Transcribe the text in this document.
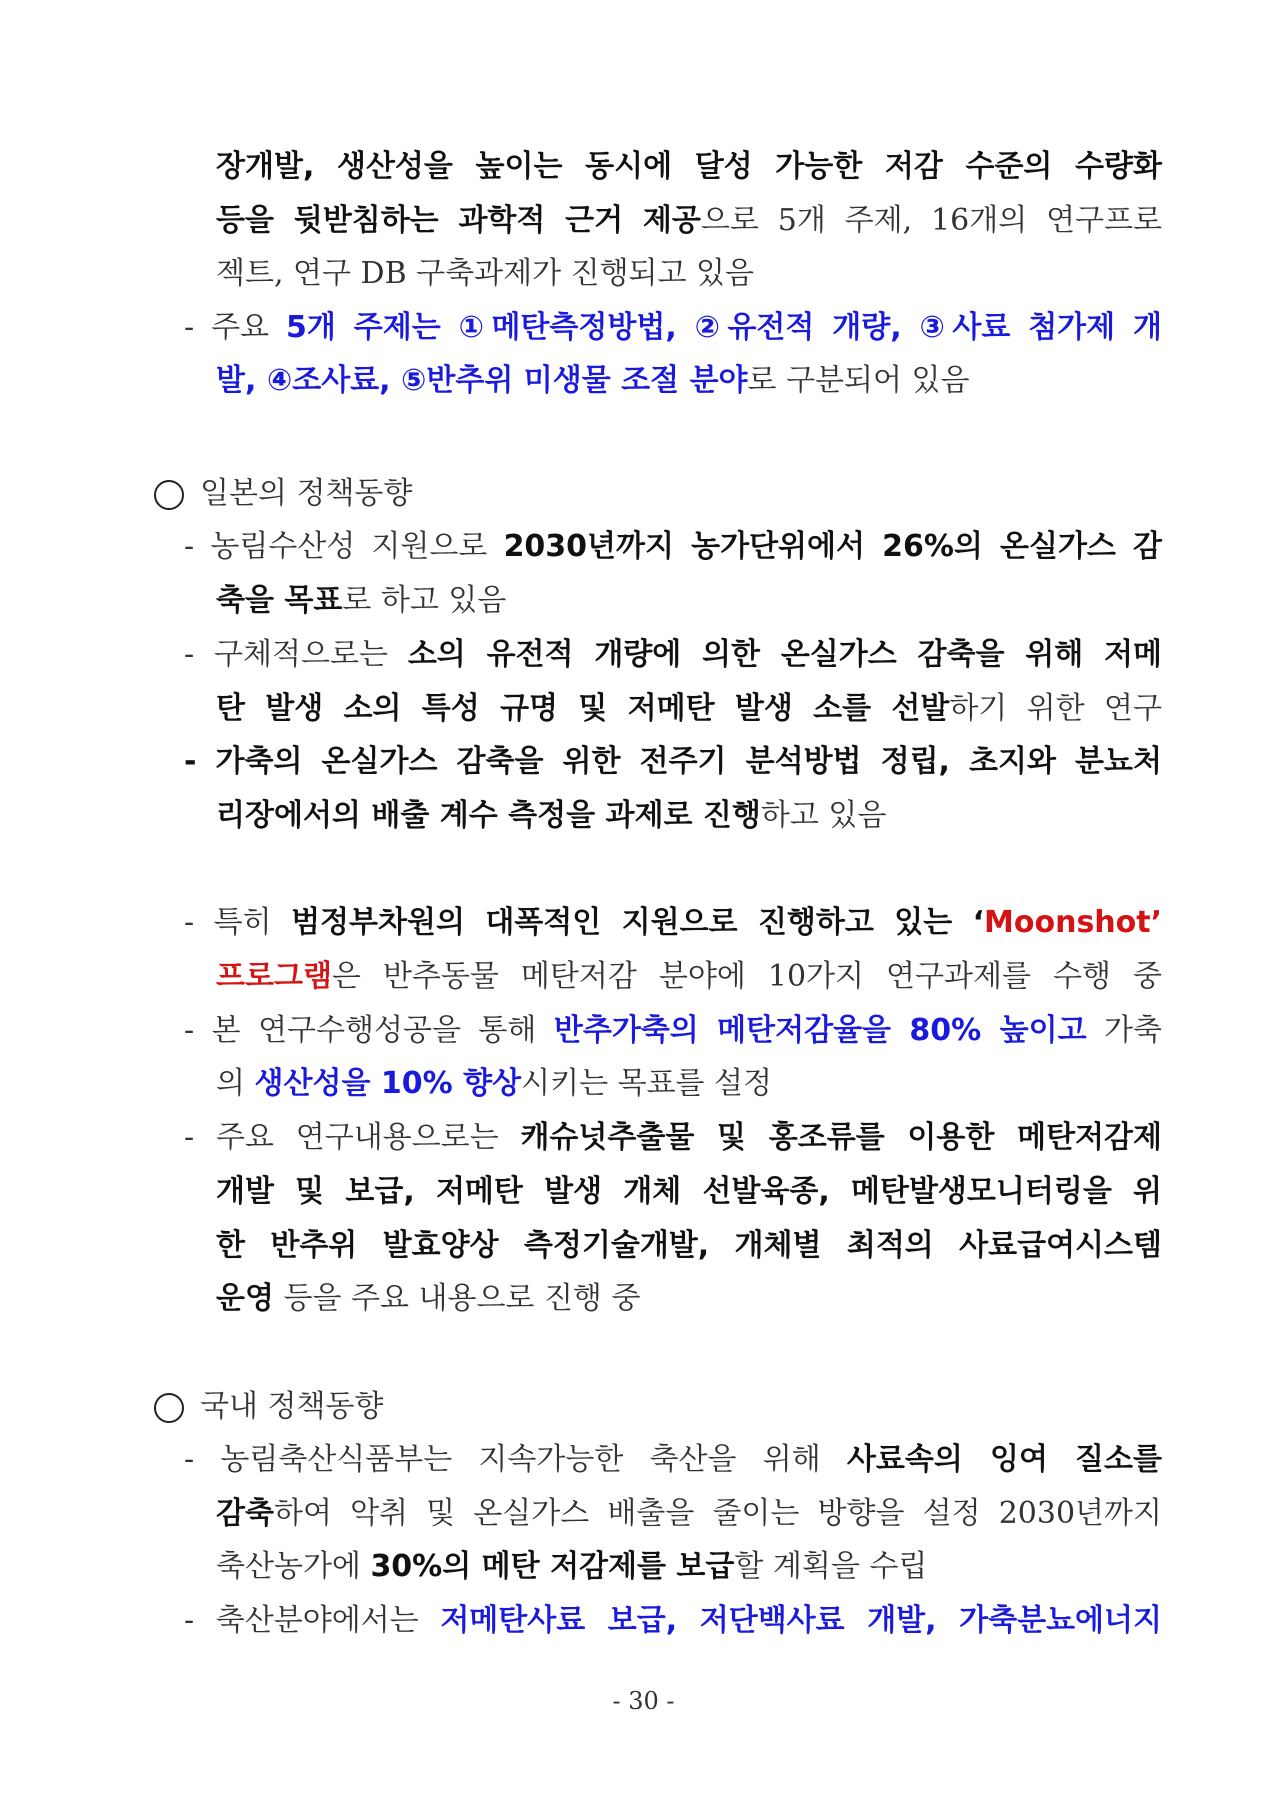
장개발, 생산성을 높이는 동시에 달성 가능한 저감 수준의 수량화
등을 뒷받침하는 과학적 근거 제공으로 5개 주제, 16개의 연구프로
젝트, 연구 DB 구축과제가 진행되고 있음
- 주요 5개 주제는 ①메탄측정방법, ②유전적 개량, ③사료 첨가제 개
발, ④조사료, ⑤반추위 미생물 조절 분야로 구분되어 있음
일본의 정책동향
- 농림수산성 지원으로 2030년까지 농가단위에서 26%의 온실가스 감
축을 목표로 하고 있음
- 구체적으로는 소의 유전적 개량에 의한 온실가스 감축을 위해 저메
탄 발생 소의 특성 규명 및 저메탄 발생 소를 선발하기 위한 연구
- 가축의 온실가스 감축을 위한 전주기 분석방법 정립, 초지와 분뇨처
리장에서의 배출 계수 측정을 과제로 진행하고 있음
- 특히 범정부차원의 대폭적인 지원으로 진행하고 있는 ‘Moonshot’
프로그램은 반추동물 메탄저감 분야에 10가지 연구과제를 수행 중
- 본 연구수행성공을 통해 반추가축의 메탄저감율을 80% 높이고 가축
의 생산성을 10% 향상시키는 목표를 설정
- 주요 연구내용으로는 캐슈넛추출물 및 홍조류를 이용한 메탄저감제
개발 및 보급, 저메탄 발생 개체 선발육종, 메탄발생모니터링을 위
한 반추위 발효양상 측정기술개발, 개체별 최적의 사료급여시스템
운영 등을 주요 내용으로 진행 중
국내 정책동향
- 농림축산식품부는 지속가능한 축산을 위해 사료속의 잉여 질소를
감축하여 악취 및 온실가스 배출을 줄이는 방향을 설정 2030년까지
축산농가에 30%의 메탄 저감제를 보급할 계획을 수립
- 축산분야에서는 저메탄사료 보급, 저단백사료 개발, 가축분뇨에너지
- 30 -
